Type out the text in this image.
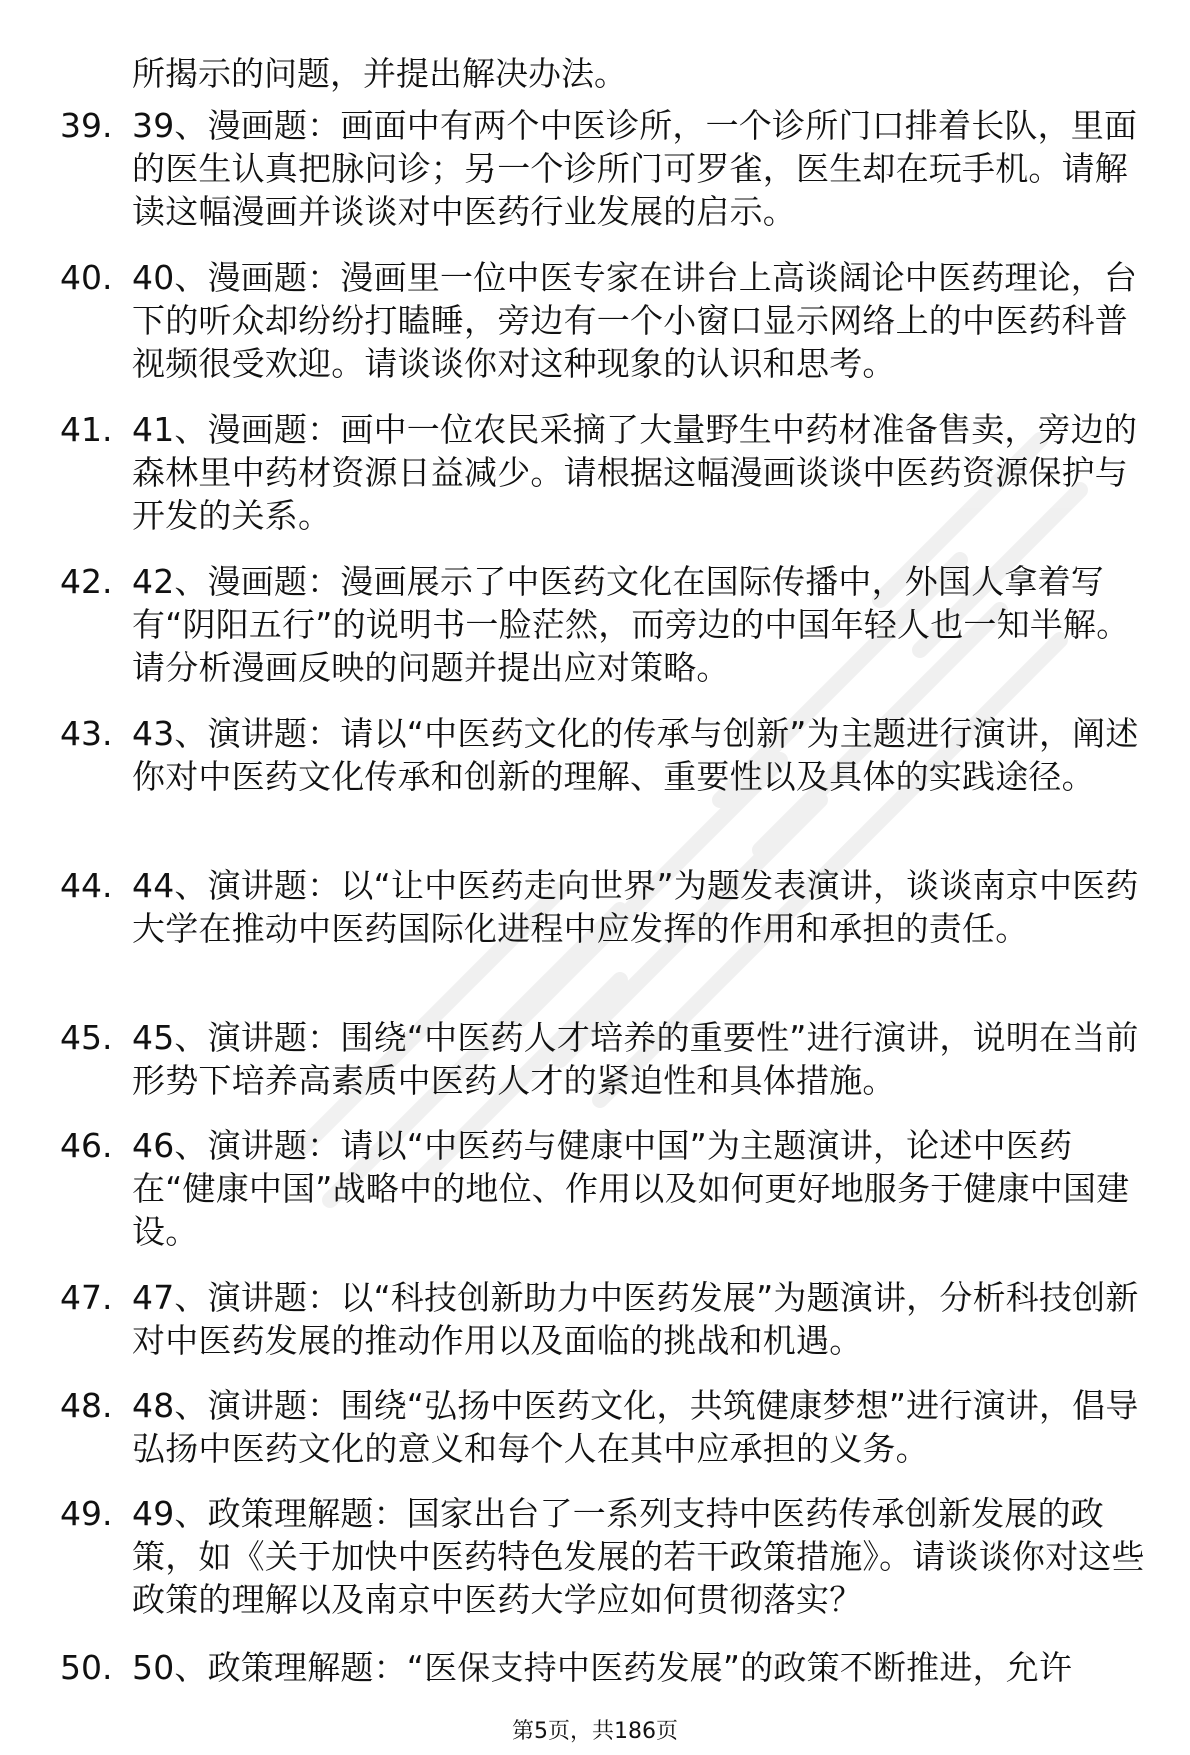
所揭示的问题，并提出解决办法。
39. 39、漫画题：画面中有两个中医诊所，一个诊所门口排着长队，里面的医生认真把脉问诊；另一个诊所门可罗雀，医生却在玩手机。请解读这幅漫画并谈谈对中医药行业发展的启示。
40. 40、漫画题：漫画里一位中医专家在讲台上高谈阔论中医药理论，台下的听众却纷纷打瞌睡，旁边有一个小窗口显示网络上的中医药科普视频很受欢迎。请谈谈你对这种现象的认识和思考。
41. 41、漫画题：画中一位农民采摘了大量野生中药材准备售卖，旁边的森林里中药材资源日益减少。请根据这幅漫画谈谈中医药资源保护与开发的关系。
42. 42、漫画题：漫画展示了中医药文化在国际传播中，外国人拿着写有“阴阳五行”的说明书一脸茫然，而旁边的中国年轻人也一知半解。请分析漫画反映的问题并提出应对策略。
43. 43、演讲题：请以“中医药文化的传承与创新”为主题进行演讲，阐述你对中医药文化传承和创新的理解、重要性以及具体的实践途径。
44. 44、演讲题：以“让中医药走向世界”为题发表演讲，谈谈南京中医药大学在推动中医药国际化进程中应发挥的作用和承担的责任。
45. 45、演讲题：围绕“中医药人才培养的重要性”进行演讲，说明在当前形势下培养高素质中医药人才的紧迫性和具体措施。
46. 46、演讲题：请以“中医药与健康中国”为主题演讲，论述中医药在“健康中国”战略中的地位、作用以及如何更好地服务于健康中国建设。
47. 47、演讲题：以“科技创新助力中医药发展”为题演讲，分析科技创新对中医药发展的推动作用以及面临的挑战和机遇。
48. 48、演讲题：围绕“弘扬中医药文化，共筑健康梦想”进行演讲，倡导弘扬中医药文化的意义和每个人在其中应承担的义务。
49. 49、政策理解题：国家出台了一系列支持中医药传承创新发展的政策，如《关于加快中医药特色发展的若干政策措施》。请谈谈你对这些政策的理解以及南京中医药大学应如何贯彻落实？
50. 50、政策理解题：“医保支持中医药发展”的政策不断推进，允许
第5页，共186页
